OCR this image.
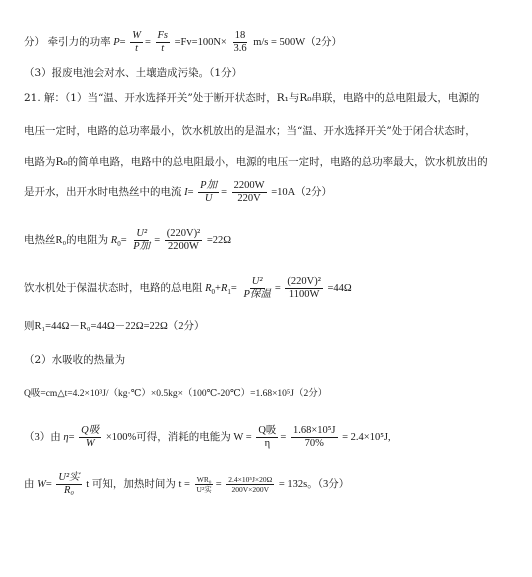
分） 牵引力的功率 $P= \frac{W}{t} = \frac{Fs}{t} =Fv=100N\times \frac{18}{3.6} m/s = 500W(2$分）
（3）报废电池会对水、土壤造成污染。（1分）
21. 解：（1）当“温、开水选择开关”处于断开状态时，R₁与R₀串联，电路中的总电阻最大，电源的
电压一定时，电路的总功率最小，饮水机放出的是温水；当“温、开水选择开关”处于闭合状态时，
电路为R₀的简单电路，电路中的总电阻最小，电源的电压一定时，电路的总功率最大，饮水机放出的
是开水，出开水时电热丝中的电流 $I= \frac{\text{P加}}{U} = \frac{2200W}{220V} =10A(2$分）
电热丝R₀的电阻为 $R_0= \frac{\text{U²}}{\text{P加}} = \frac{\text{(220V)²}}{2200W} =22\Omega$
饮水机处于保温状态时，电路的总电阻 $R_0+R_1= \frac{\text{U²}}{\text{P保温}} = \frac{\text{(220V)²}}{1100W} =44\Omega$
则R₁=44Ω－R₀=44Ω－22Ω=22Ω（2分）
（2）水吸收的热量为
Q吸=cm△t=4.2×10³J/（kg·℃）×0.5kg×（100℃-20℃）=1.68×10⁵J（2分）
（3）由 $\eta= \frac{\text{Q吸}}{W} \times 100\%$可得，消耗的电能为 $W = \frac{\text{Q吸}}{\eta} = \frac{\text{1.68×10⁵J}}{70\%} = 2.4\times 10^5J$,
由 $W= \frac{\text{U²实}}{\text{R₀}}$ t 可知，加热时间为 $t = \frac{\text{WR₀}}{\text{U²实}} = \frac{\text{2.4×10⁵J×20Ω}}{200V\times 200V} = 132s$。（3分）
